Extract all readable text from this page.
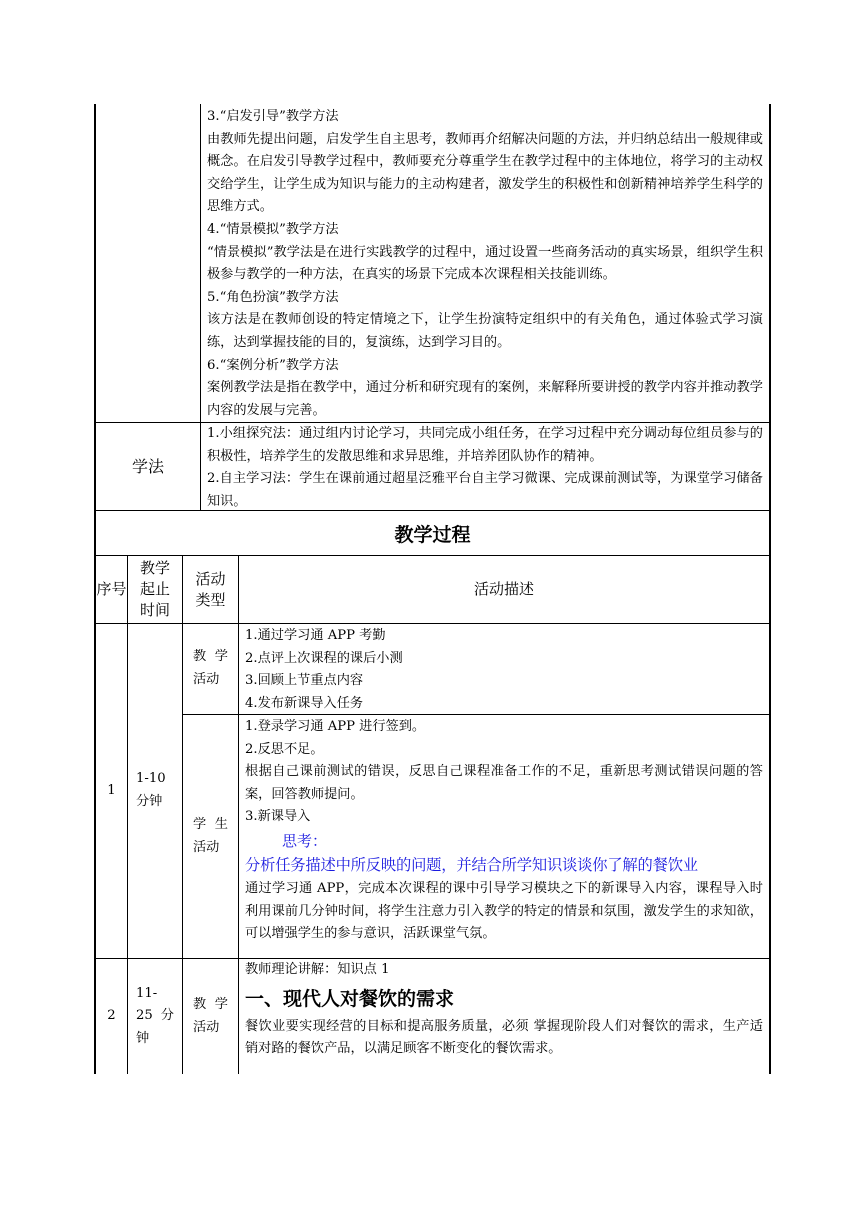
3.“启发引导”教学方法
由教师先提出问题，启发学生自主思考，教师再介绍解决问题的方法，并归纳总结出一般规律或概念。在启发引导教学过程中，教师要充分尊重学生在教学过程中的主体地位，将学习的主动权交给学生，让学生成为知识与能力的主动构建者，激发学生的积极性和创新精神培养学生科学的思维方式。
4.“情景模拟”教学方法
“情景模拟”教学法是在进行实践教学的过程中，通过设置一些商务活动的真实场景，组织学生积极参与教学的一种方法，在真实的场景下完成本次课程相关技能训练。
5.“角色扮演”教学方法
该方法是在教师创设的特定情境之下，让学生扮演特定组织中的有关角色，通过体验式学习演练，达到掌握技能的目的，复演练，达到学习目的。
6.“案例分析”教学方法
案例教学法是指在教学中，通过分析和研究现有的案例，来解释所要讲授的教学内容并推动教学内容的发展与完善。
学法
1.小组探究法：通过组内讨论学习，共同完成小组任务，在学习过程中充分调动每位组员参与的积极性，培养学生的发散思维和求异思维，并培养团队协作的精神。
2.自主学习法：学生在课前通过超星泛雅平台自主学习微课、完成课前测试等，为课堂学习储备知识。
教学过程
序号
教学起止时间
活动类型
活动描述
1
1-10分钟
教学活动
1.通过学习通 APP 考勤
2.点评上次课程的课后小测
3.回顾上节重点内容
4.发布新课导入任务
学生活动
1.登录学习通 APP 进行签到。
2.反思不足。
根据自己课前测试的错误，反思自己课程准备工作的不足，重新思考测试错误问题的答案，回答教师提问。
3.新课导入
思考：
分析任务描述中所反映的问题，并结合所学知识谈谈你了解的餐饮业
通过学习通 APP，完成本次课程的课中引导学习模块之下的新课导入内容，课程导入时利用课前几分钟时间，将学生注意力引入教学的特定的情景和氛围，激发学生的求知欲，可以增强学生的参与意识，活跃课堂气氛。
2
11-25分钟
教学活动
教师理论讲解：知识点 1
一、现代人对餐饮的需求
餐饮业要实现经营的目标和提高服务质量，必须 掌握现阶段人们对餐饮的需求，生产适销对路的餐饮产品，以满足顾客不断变化的餐饮需求。
